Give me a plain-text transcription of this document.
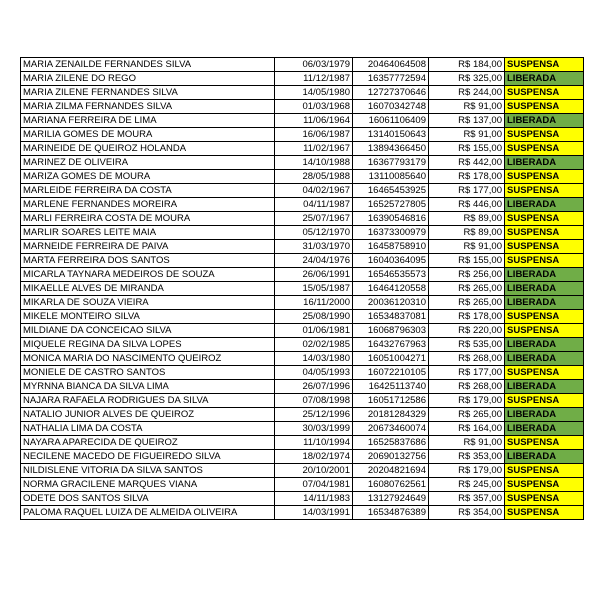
MARIA ZENAILDE FERNANDES SILVA	06/03/1979	20464064508	R$ 184,00	SUSPENSA
MARIA ZILENE DO REGO	11/12/1987	16357772594	R$ 325,00	LIBERADA
MARIA ZILENE FERNANDES SILVA	14/05/1980	12727370646	R$ 244,00	SUSPENSA
MARIA ZILMA FERNANDES SILVA	01/03/1968	16070342748	R$ 91,00	SUSPENSA
MARIANA FERREIRA DE LIMA	11/06/1964	16061106409	R$ 137,00	LIBERADA
MARILIA GOMES DE MOURA	16/06/1987	13140150643	R$ 91,00	SUSPENSA
MARINEIDE DE QUEIROZ HOLANDA	11/02/1967	13894366450	R$ 155,00	SUSPENSA
MARINEZ DE OLIVEIRA	14/10/1988	16367793179	R$ 442,00	LIBERADA
MARIZA GOMES DE MOURA	28/05/1988	13110085640	R$ 178,00	SUSPENSA
MARLEIDE FERREIRA DA COSTA	04/02/1967	16465453925	R$ 177,00	SUSPENSA
MARLENE FERNANDES MOREIRA	04/11/1987	16525727805	R$ 446,00	LIBERADA
MARLI FERREIRA COSTA DE MOURA	25/07/1967	16390546816	R$ 89,00	SUSPENSA
MARLIR SOARES LEITE MAIA	05/12/1970	16373300979	R$ 89,00	SUSPENSA
MARNEIDE FERREIRA DE PAIVA	31/03/1970	16458758910	R$ 91,00	SUSPENSA
MARTA FERREIRA DOS SANTOS	24/04/1976	16040364095	R$ 155,00	SUSPENSA
MICARLA TAYNARA MEDEIROS DE SOUZA	26/06/1991	16546535573	R$ 256,00	LIBERADA
MIKAELLE ALVES DE MIRANDA	15/05/1987	16464120558	R$ 265,00	LIBERADA
MIKARLA DE SOUZA VIEIRA	16/11/2000	20036120310	R$ 265,00	LIBERADA
MIKELE MONTEIRO SILVA	25/08/1990	16534837081	R$ 178,00	SUSPENSA
MILDIANE DA CONCEICAO SILVA	01/06/1981	16068796303	R$ 220,00	SUSPENSA
MIQUELE REGINA DA SILVA LOPES	02/02/1985	16432767963	R$ 535,00	LIBERADA
MONICA MARIA DO NASCIMENTO QUEIROZ	14/03/1980	16051004271	R$ 268,00	LIBERADA
MONIELE DE CASTRO SANTOS	04/05/1993	16072210105	R$ 177,00	SUSPENSA
MYRNNA BIANCA DA SILVA LIMA	26/07/1996	16425113740	R$ 268,00	LIBERADA
NAJARA RAFAELA RODRIGUES DA SILVA	07/08/1998	16051712586	R$ 179,00	SUSPENSA
NATALIO JUNIOR ALVES DE QUEIROZ	25/12/1996	20181284329	R$ 265,00	LIBERADA
NATHALIA LIMA DA COSTA	30/03/1999	20673460074	R$ 164,00	LIBERADA
NAYARA APARECIDA DE QUEIROZ	11/10/1994	16525837686	R$ 91,00	SUSPENSA
NECILENE MACEDO DE FIGUEIREDO SILVA	18/02/1974	20690132756	R$ 353,00	LIBERADA
NILDISLENE VITORIA DA SILVA SANTOS	20/10/2001	20204821694	R$ 179,00	SUSPENSA
NORMA GRACILENE MARQUES VIANA	07/04/1981	16080762561	R$ 245,00	SUSPENSA
ODETE DOS SANTOS SILVA	14/11/1983	13127924649	R$ 357,00	SUSPENSA
PALOMA RAQUEL LUIZA DE ALMEIDA OLIVEIRA	14/03/1991	16534876389	R$ 354,00	SUSPENSA
